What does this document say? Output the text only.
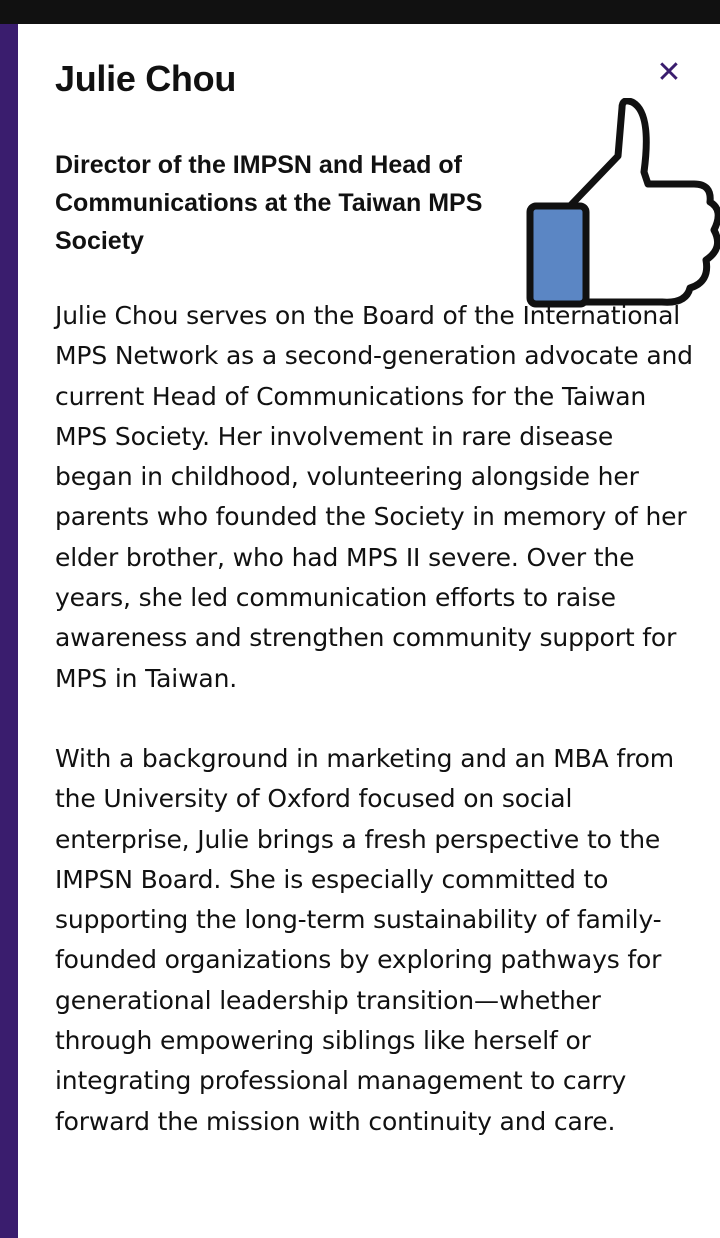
Julie Chou	✕
Director of the IMPSN and Head of Communications at the Taiwan MPS Society

Julie Chou serves on the Board of the International MPS Network as a second-generation advocate and current Head of Communications for the Taiwan MPS Society. Her involvement in rare disease began in childhood, volunteering alongside her parents who founded the Society in memory of her elder brother, who had MPS II severe. Over the years, she led communication efforts to raise awareness and strengthen community support for MPS in Taiwan.

With a background in marketing and an MBA from the University of Oxford focused on social enterprise, Julie brings a fresh perspective to the IMPSN Board. She is especially committed to supporting the long-term sustainability of family-founded organizations by exploring pathways for generational leadership transition—whether through empowering siblings like herself or integrating professional management to carry forward the mission with continuity and care.
